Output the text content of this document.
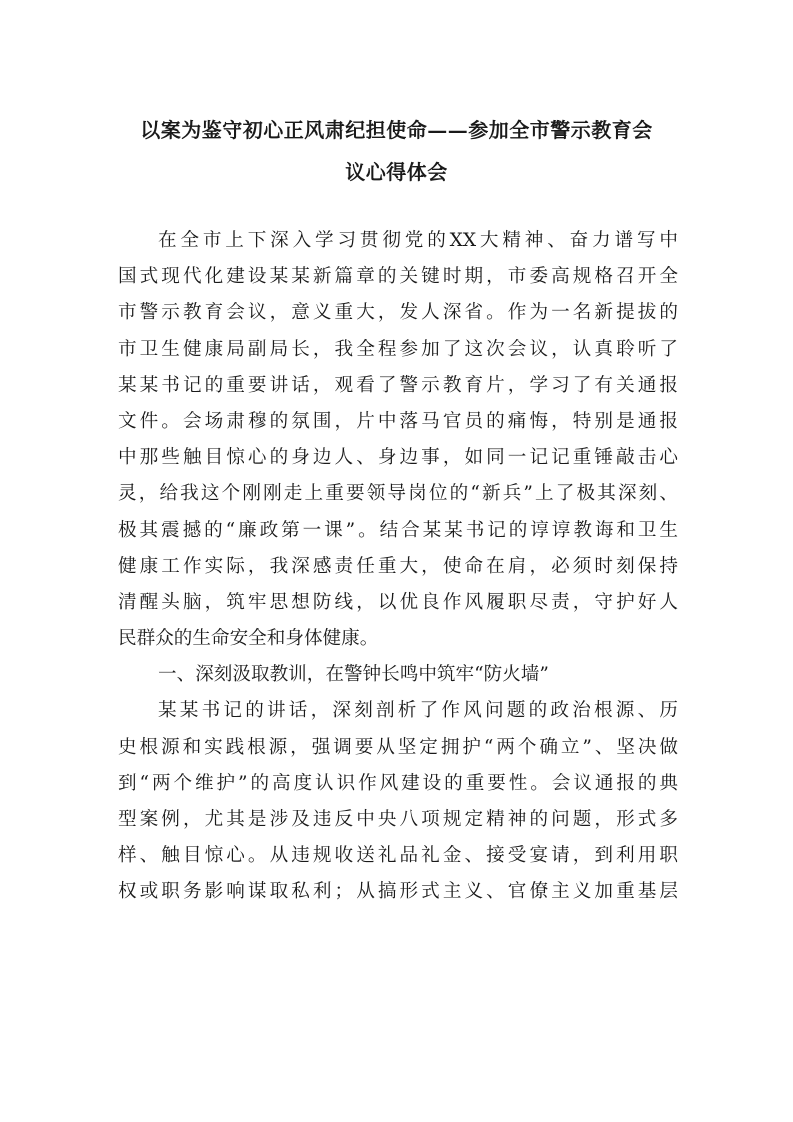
以案为鉴守初心正风肃纪担使命——参加全市警示教育会
议心得体会
在全市上下深入学习贯彻党的XX大精神、奋力谱写中
国式现代化建设某某新篇章的关键时期，市委高规格召开全
市警示教育会议，意义重大，发人深省。作为一名新提拔的
市卫生健康局副局长，我全程参加了这次会议，认真聆听了
某某书记的重要讲话，观看了警示教育片，学习了有关通报
文件。会场肃穆的氛围，片中落马官员的痛悔，特别是通报
中那些触目惊心的身边人、身边事，如同一记记重锤敲击心
灵，给我这个刚刚走上重要领导岗位的“新兵”上了极其深刻、
极其震撼的“廉政第一课”。结合某某书记的谆谆教诲和卫生
健康工作实际，我深感责任重大，使命在肩，必须时刻保持
清醒头脑，筑牢思想防线，以优良作风履职尽责，守护好人
民群众的生命安全和身体健康。
一、深刻汲取教训，在警钟长鸣中筑牢“防火墙”
某某书记的讲话，深刻剖析了作风问题的政治根源、历
史根源和实践根源，强调要从坚定拥护“两个确立”、坚决做
到“两个维护”的高度认识作风建设的重要性。会议通报的典
型案例，尤其是涉及违反中央八项规定精神的问题，形式多
样、触目惊心。从违规收送礼品礼金、接受宴请，到利用职
权或职务影响谋取私利；从搞形式主义、官僚主义加重基层
